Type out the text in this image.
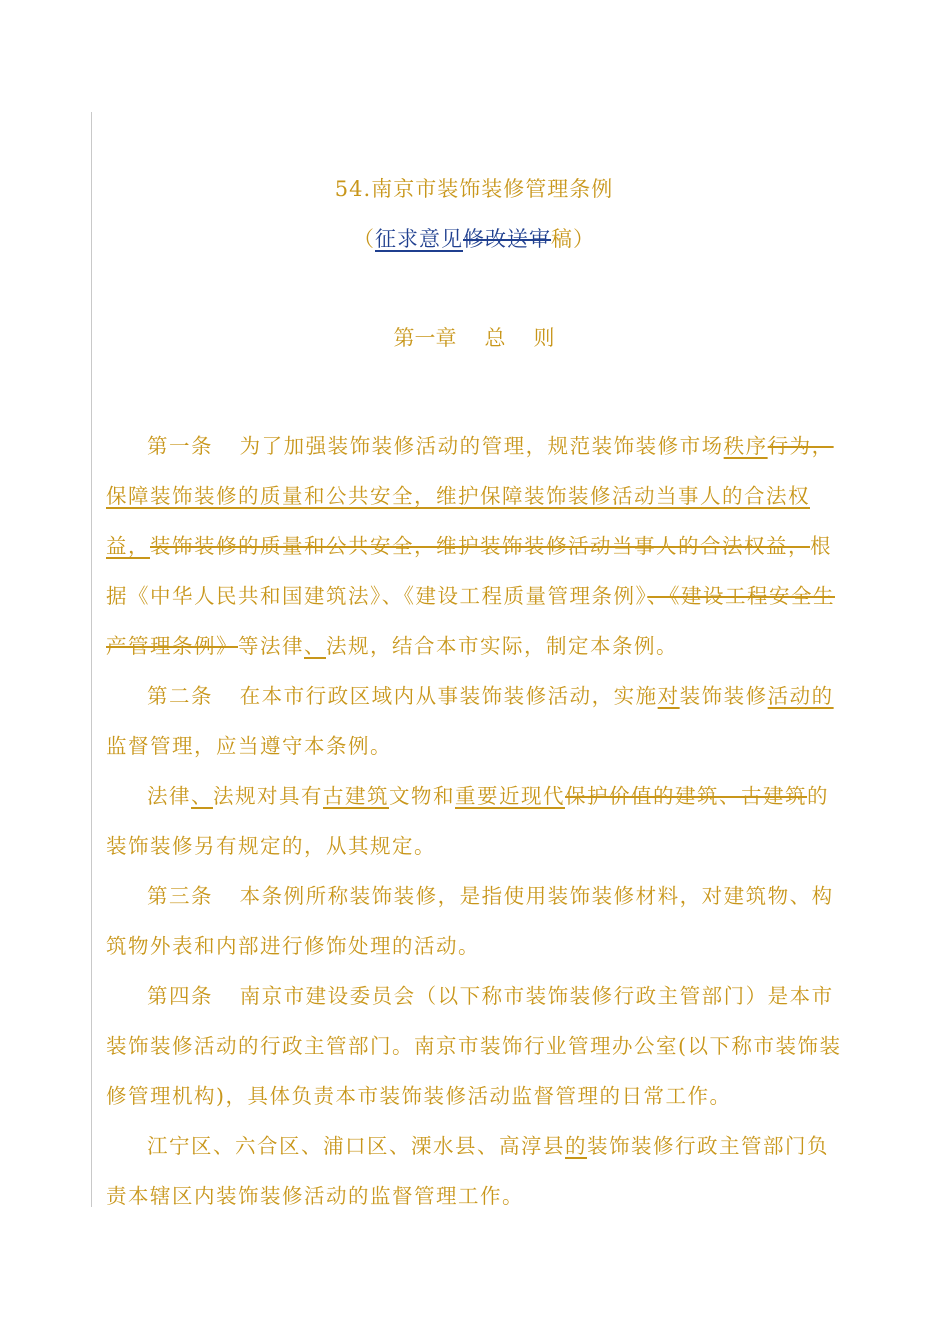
54.南京市装饰装修管理条例
（征求意见修改送审稿）
第一章 总 则

第一条 为了加强装饰装修活动的管理，规范装饰装修市场秩序行为，保障装饰装修的质量和公共安全，维护保障装饰装修活动当事人的合法权益，装饰装修的质量和公共安全，维护装饰装修活动当事人的合法权益，根据《中华人民共和国建筑法》、《建设工程质量管理条例》、《建设工程安全生产管理条例》等法律、法规，结合本市实际，制定本条例。

第二条 在本市行政区域内从事装饰装修活动，实施对装饰装修活动的监督管理，应当遵守本条例。

法律、法规对具有古建筑文物和重要近现代保护价值的建筑、古建筑的装饰装修另有规定的，从其规定。

第三条 本条例所称装饰装修，是指使用装饰装修材料，对建筑物、构筑物外表和内部进行修饰处理的活动。

第四条 南京市建设委员会（以下称市装饰装修行政主管部门）是本市装饰装修活动的行政主管部门。南京市装饰行业管理办公室(以下称市装饰装修管理机构)，具体负责本市装饰装修活动监督管理的日常工作。

江宁区、六合区、浦口区、溧水县、高淳县的装饰装修行政主管部门负责本辖区内装饰装修活动的监督管理工作。
